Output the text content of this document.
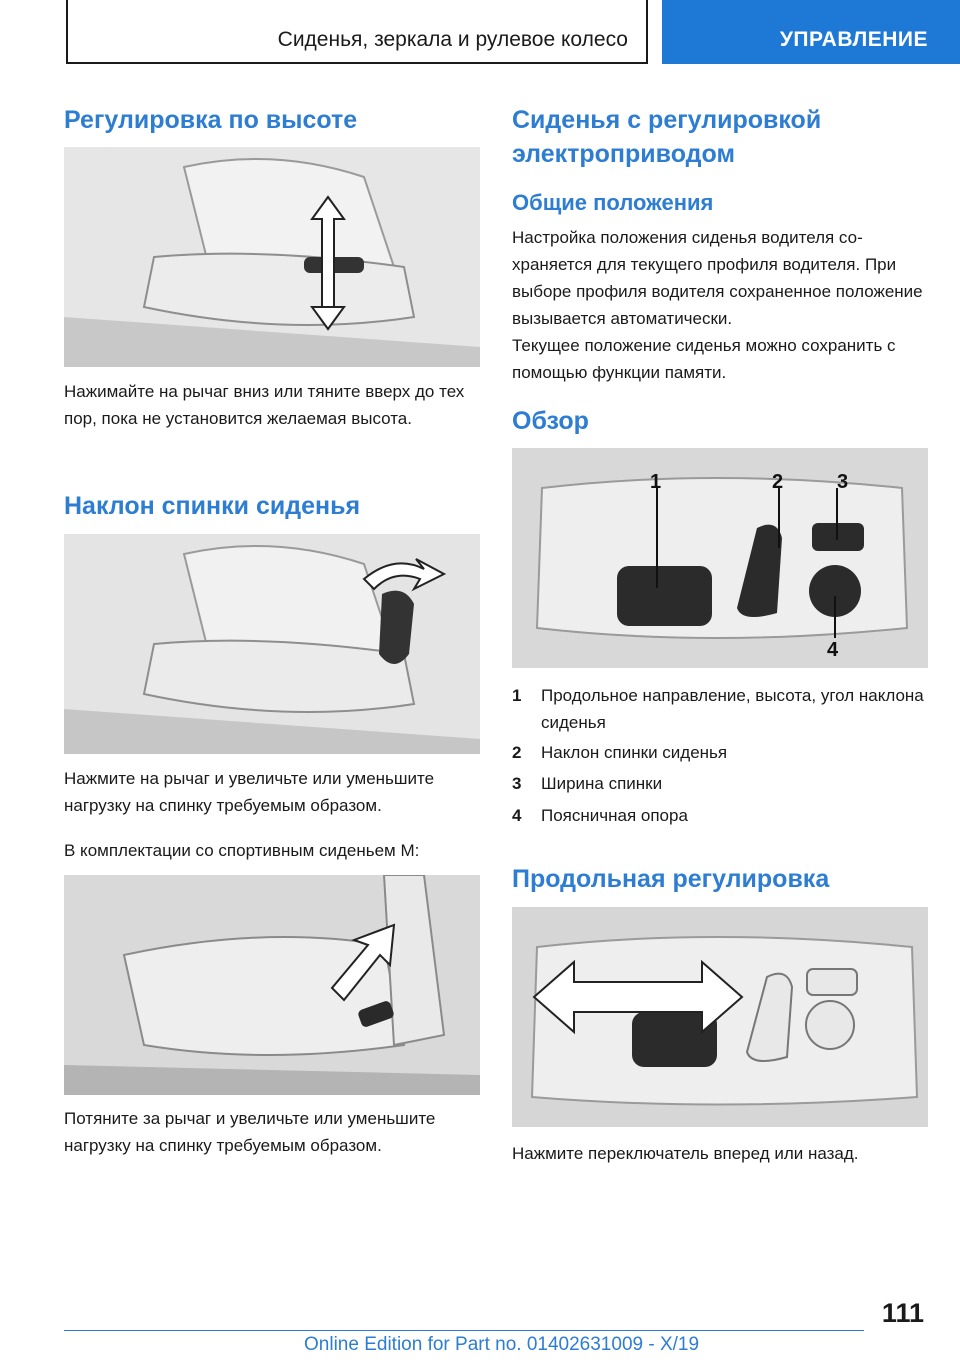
Сиденья, зеркала и рулевое колесо	УПРАВЛЕНИЕ
Регулировка по высоте

Нажимайте на рычаг вниз или тяните вверх до тех пор, пока не установится желаемая высота.

Наклон спинки сиденья

Нажмите на рычаг и увеличьте или уменьшите нагрузку на спинку требуемым образом.

В комплектации со спортивным сиденьем M:

Потяните за рычаг и увеличьте или уменьшите нагрузку на спинку требуемым образом.

Сиденья с регулировкой электроприводом
Общие положения

Настройка положения сиденья водителя сохраняется для текущего профиля водителя. При выборе профиля водителя сохраненное положение вызывается автоматически.

Текущее положение сиденья можно сохранить с помощью функции памяти.

Обзор
1	2	3
4
1 Продольное направление, высота, угол наклона сиденья
2 Наклон спинки сиденья
3 Ширина спинки
4 Поясничная опора
Продольная регулировка

Нажмите переключатель вперед или назад.

111
Online Edition for Part no. 01402631009 - X/19
